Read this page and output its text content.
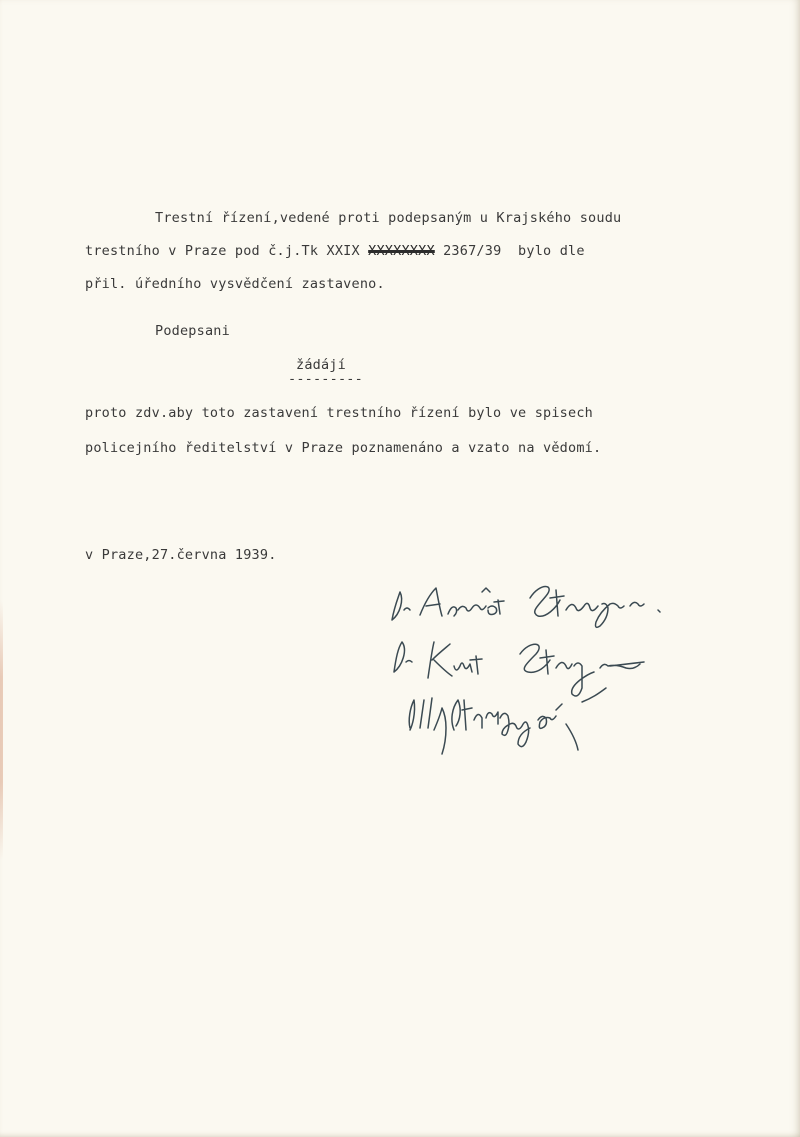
Trestní řízení,vedené proti podepsaným u Krajského soudu
trestního v Praze pod č.j.Tk XXIX XXXXXXXX 2367/39  bylo dle
přil. úředního vysvědčení zastaveno.
Podepsani
žádájí
---------
proto zdv.aby toto zastavení trestního řízení bylo ve spisech
policejního ředitelství v Praze poznamenáno a vzato na vědomí.
v Praze,27.června 1939.
